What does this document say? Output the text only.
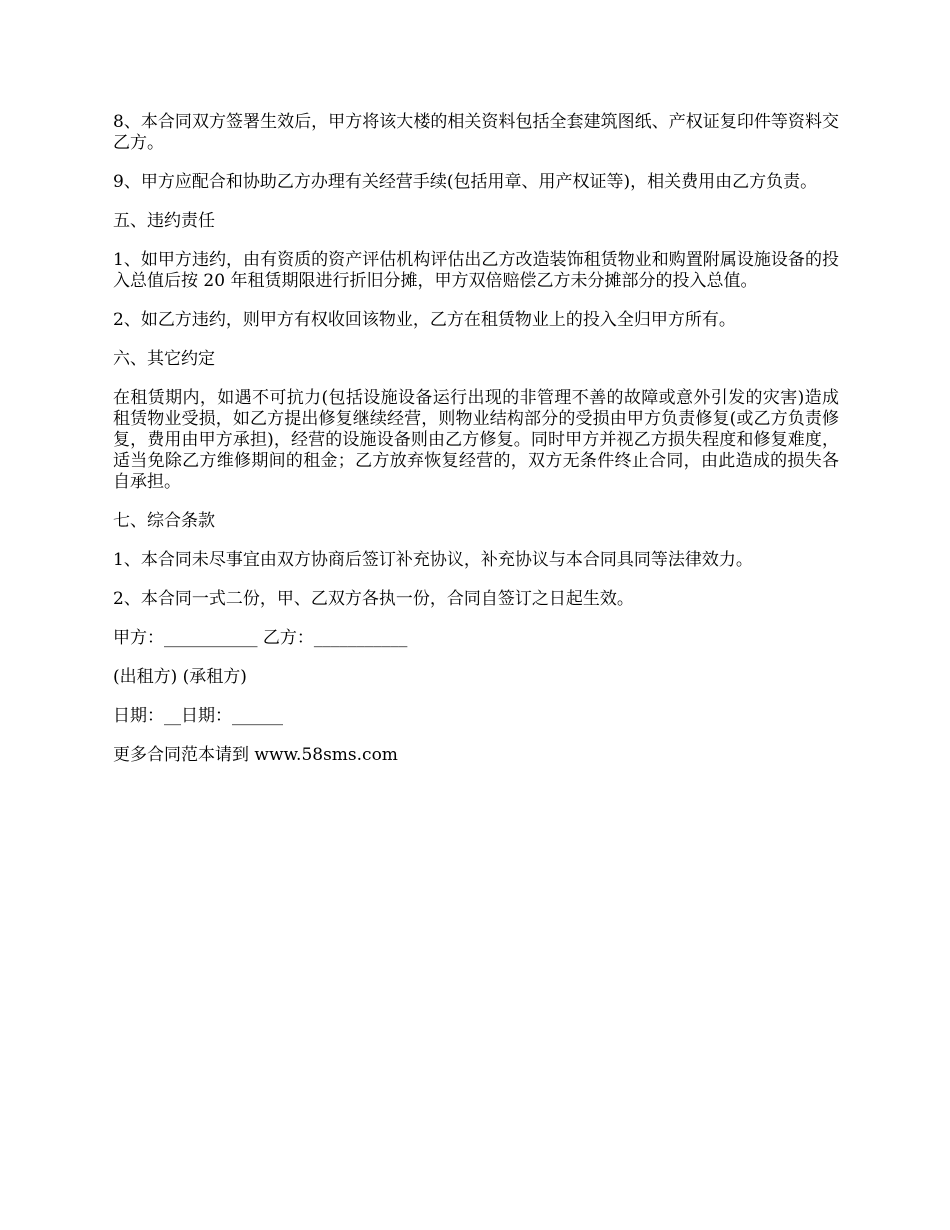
8、本合同双方签署生效后，甲方将该大楼的相关资料包括全套建筑图纸、产权证复印件等资料交乙方。

9、甲方应配合和协助乙方办理有关经营手续(包括用章、用产权证等)，相关费用由乙方负责。

五、违约责任

1、如甲方违约，由有资质的资产评估机构评估出乙方改造装饰租赁物业和购置附属设施设备的投入总值后按 20 年租赁期限进行折旧分摊，甲方双倍赔偿乙方未分摊部分的投入总值。

2、如乙方违约，则甲方有权收回该物业，乙方在租赁物业上的投入全归甲方所有。

六、其它约定

在租赁期内，如遇不可抗力(包括设施设备运行出现的非管理不善的故障或意外引发的灾害)造成租赁物业受损，如乙方提出修复继续经营，则物业结构部分的受损由甲方负责修复(或乙方负责修复，费用由甲方承担)，经营的设施设备则由乙方修复。同时甲方并视乙方损失程度和修复难度，适当免除乙方维修期间的租金；乙方放弃恢复经营的，双方无条件终止合同，由此造成的损失各自承担。

七、综合条款

1、本合同未尽事宜由双方协商后签订补充协议，补充协议与本合同具同等法律效力。

2、本合同一式二份，甲、乙双方各执一份，合同自签订之日起生效。

甲方：___________ 乙方：___________

(出租方) (承租方)

日期：__日期：______

更多合同范本请到 www.58sms.com
